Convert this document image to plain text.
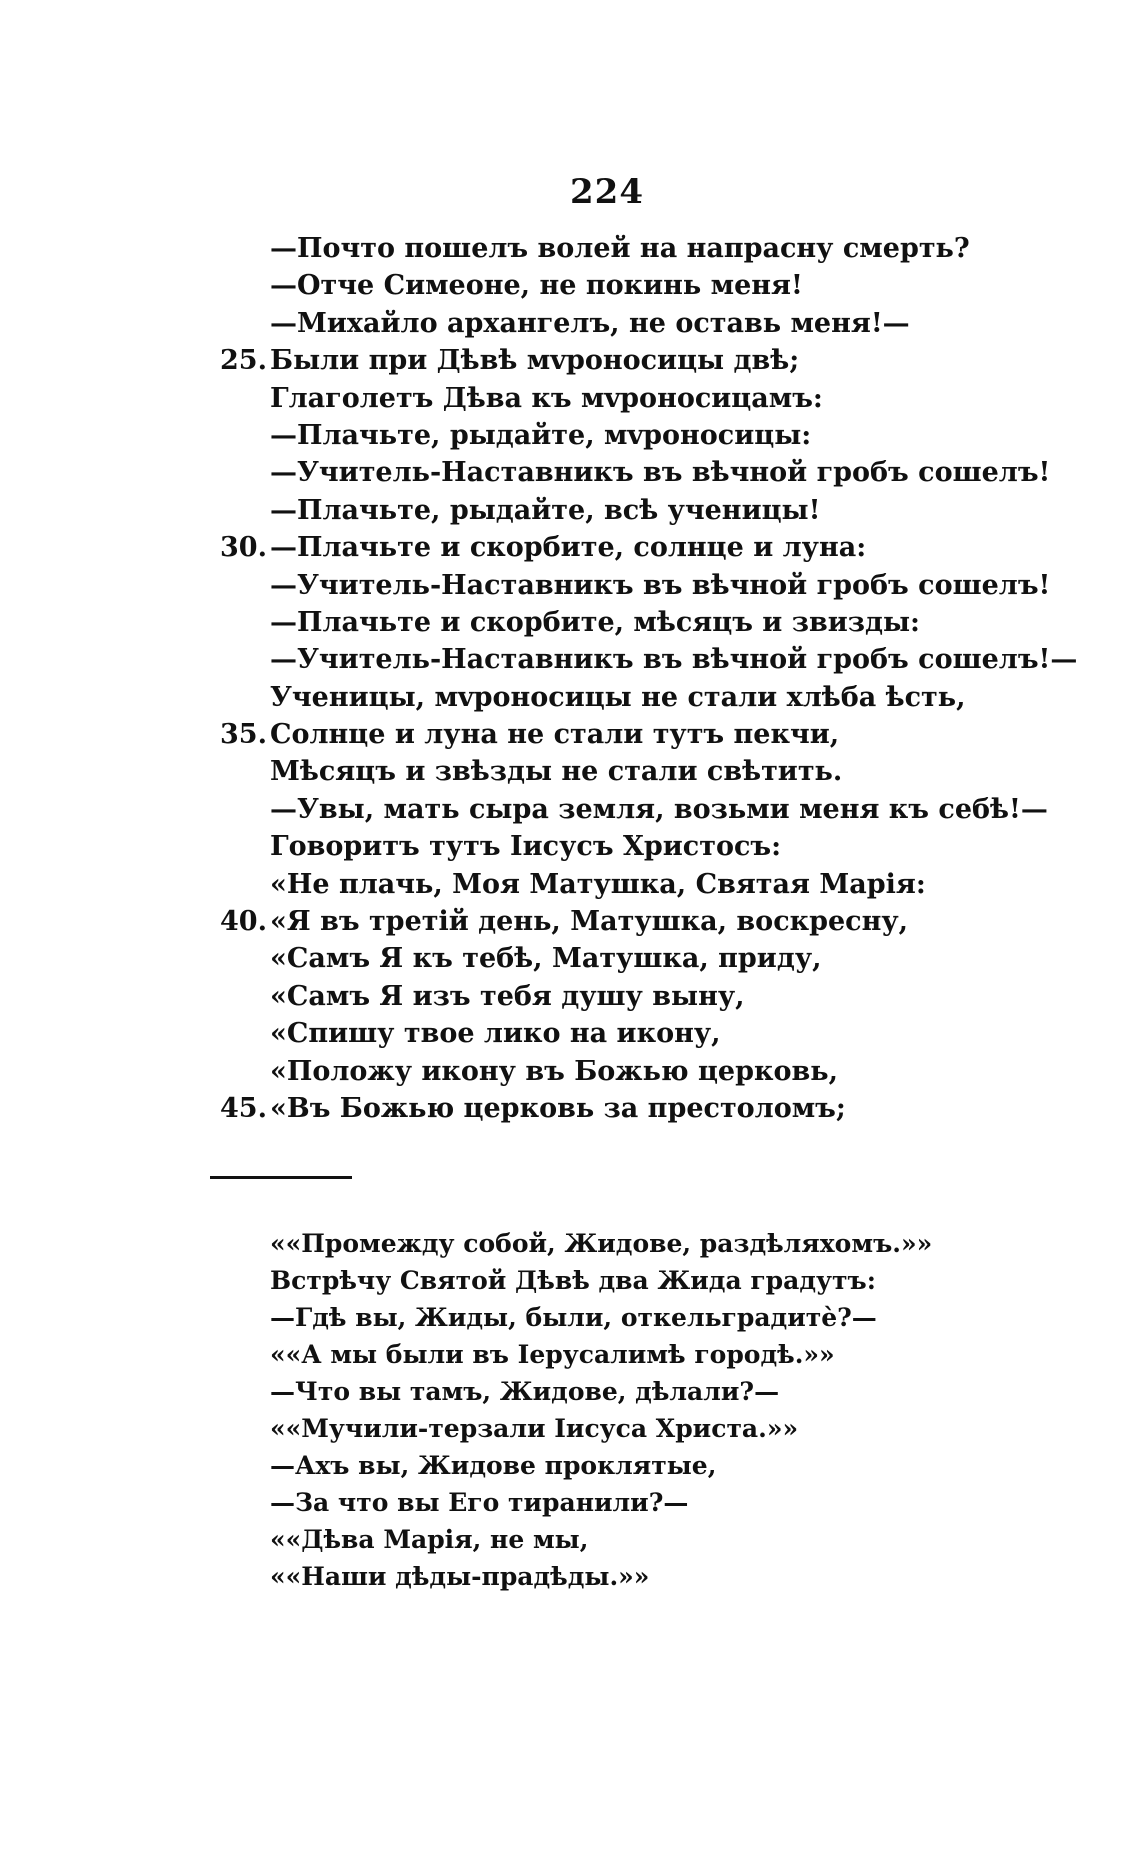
224
—Почто пошелъ волей на напрасну смерть?
—Отче Симеоне, не покинь меня!
—Михайло архангелъ, не оставь меня!—
25. Были при Дѣвѣ мvроносицы двѣ;
Глаголетъ Дѣва къ мvроносицамъ:
—Плачьте, рыдайте, мvроносицы:
—Учитель-Наставникъ въ вѣчной гробъ сошелъ!
—Плачьте, рыдайте, всѣ ученицы!
30. —Плачьте и скорбите, солнце и луна:
—Учитель-Наставникъ въ вѣчной гробъ сошелъ!
—Плачьте и скорбите, мѣсяцъ и звизды:
—Учитель-Наставникъ въ вѣчной гробъ сошелъ!—
Ученицы, мvроносицы не стали хлѣба ѣсть,
35. Солнце и луна не стали тутъ пекчи,
Мѣсяцъ и звѣзды не стали свѣтить.
—Увы, мать сыра земля, возьми меня къ себѣ!—
Говоритъ тутъ Іисусъ Христосъ:
«Не плачь, Моя Матушка, Святая Марія:
40. «Я въ третій день, Матушка, воскресну,
«Самъ Я къ тебѣ, Матушка, приду,
«Самъ Я изъ тебя душу выну,
«Спишу твое лико на икону,
«Положу икону въ Божью церковь,
45. «Въ Божью церковь за престоломъ;
««Промежду собой, Жидове, раздѣляхомъ.»»
Встрѣчу Святой Дѣвѣ два Жида градутъ:
—Гдѣ вы, Жиды, были, откельградитѐ?—
««А мы были въ Іерусалимѣ городѣ.»»
—Что вы тамъ, Жидове, дѣлали?—
««Мучили-терзали Іисуса Христа.»»
—Ахъ вы, Жидове проклятые,
—За что вы Его тиранили?—
««Дѣва Марія, не мы,
««Наши дѣды-прадѣды.»»
